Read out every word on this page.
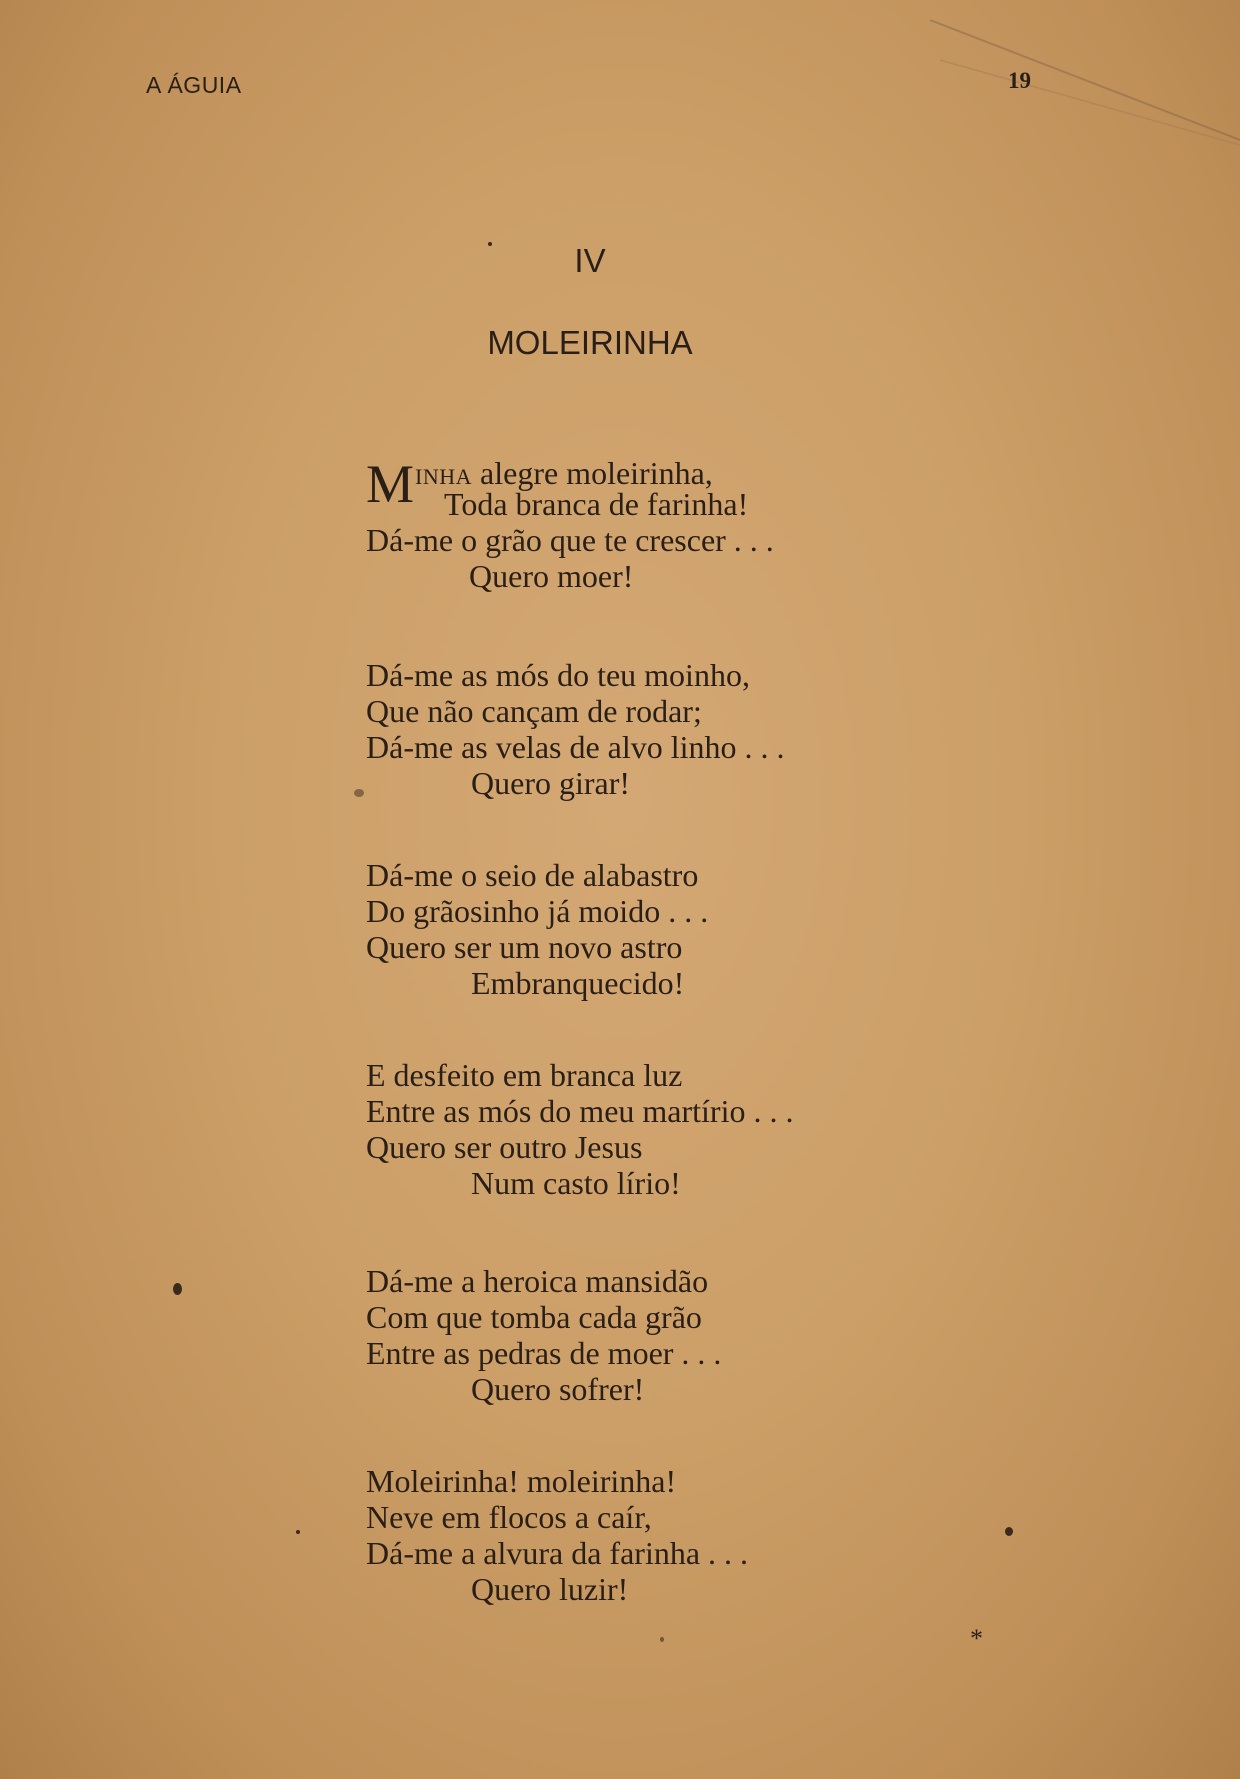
A ÁGUIA	19
IV
MOLEIRINHA
MINHA alegre moleirinha,
Toda branca de farinha!
Dá-me o grão que te crescer . . .
Quero moer!
Dá-me as mós do teu moinho,
Que não cançam de rodar;
Dá-me as velas de alvo linho . . .
Quero girar!
Dá-me o seio de alabastro
Do grãosinho já moido . . .
Quero ser um novo astro
Embranquecido!
E desfeito em branca luz
Entre as mós do meu martírio . . .
Quero ser outro Jesus
Num casto lírio!
Dá-me a heroica mansidão
Com que tomba cada grão
Entre as pedras de moer . . .
Quero sofrer!
Moleirinha! moleirinha!
Neve em flocos a caír,
Dá-me a alvura da farinha . . .
Quero luzir!
*
